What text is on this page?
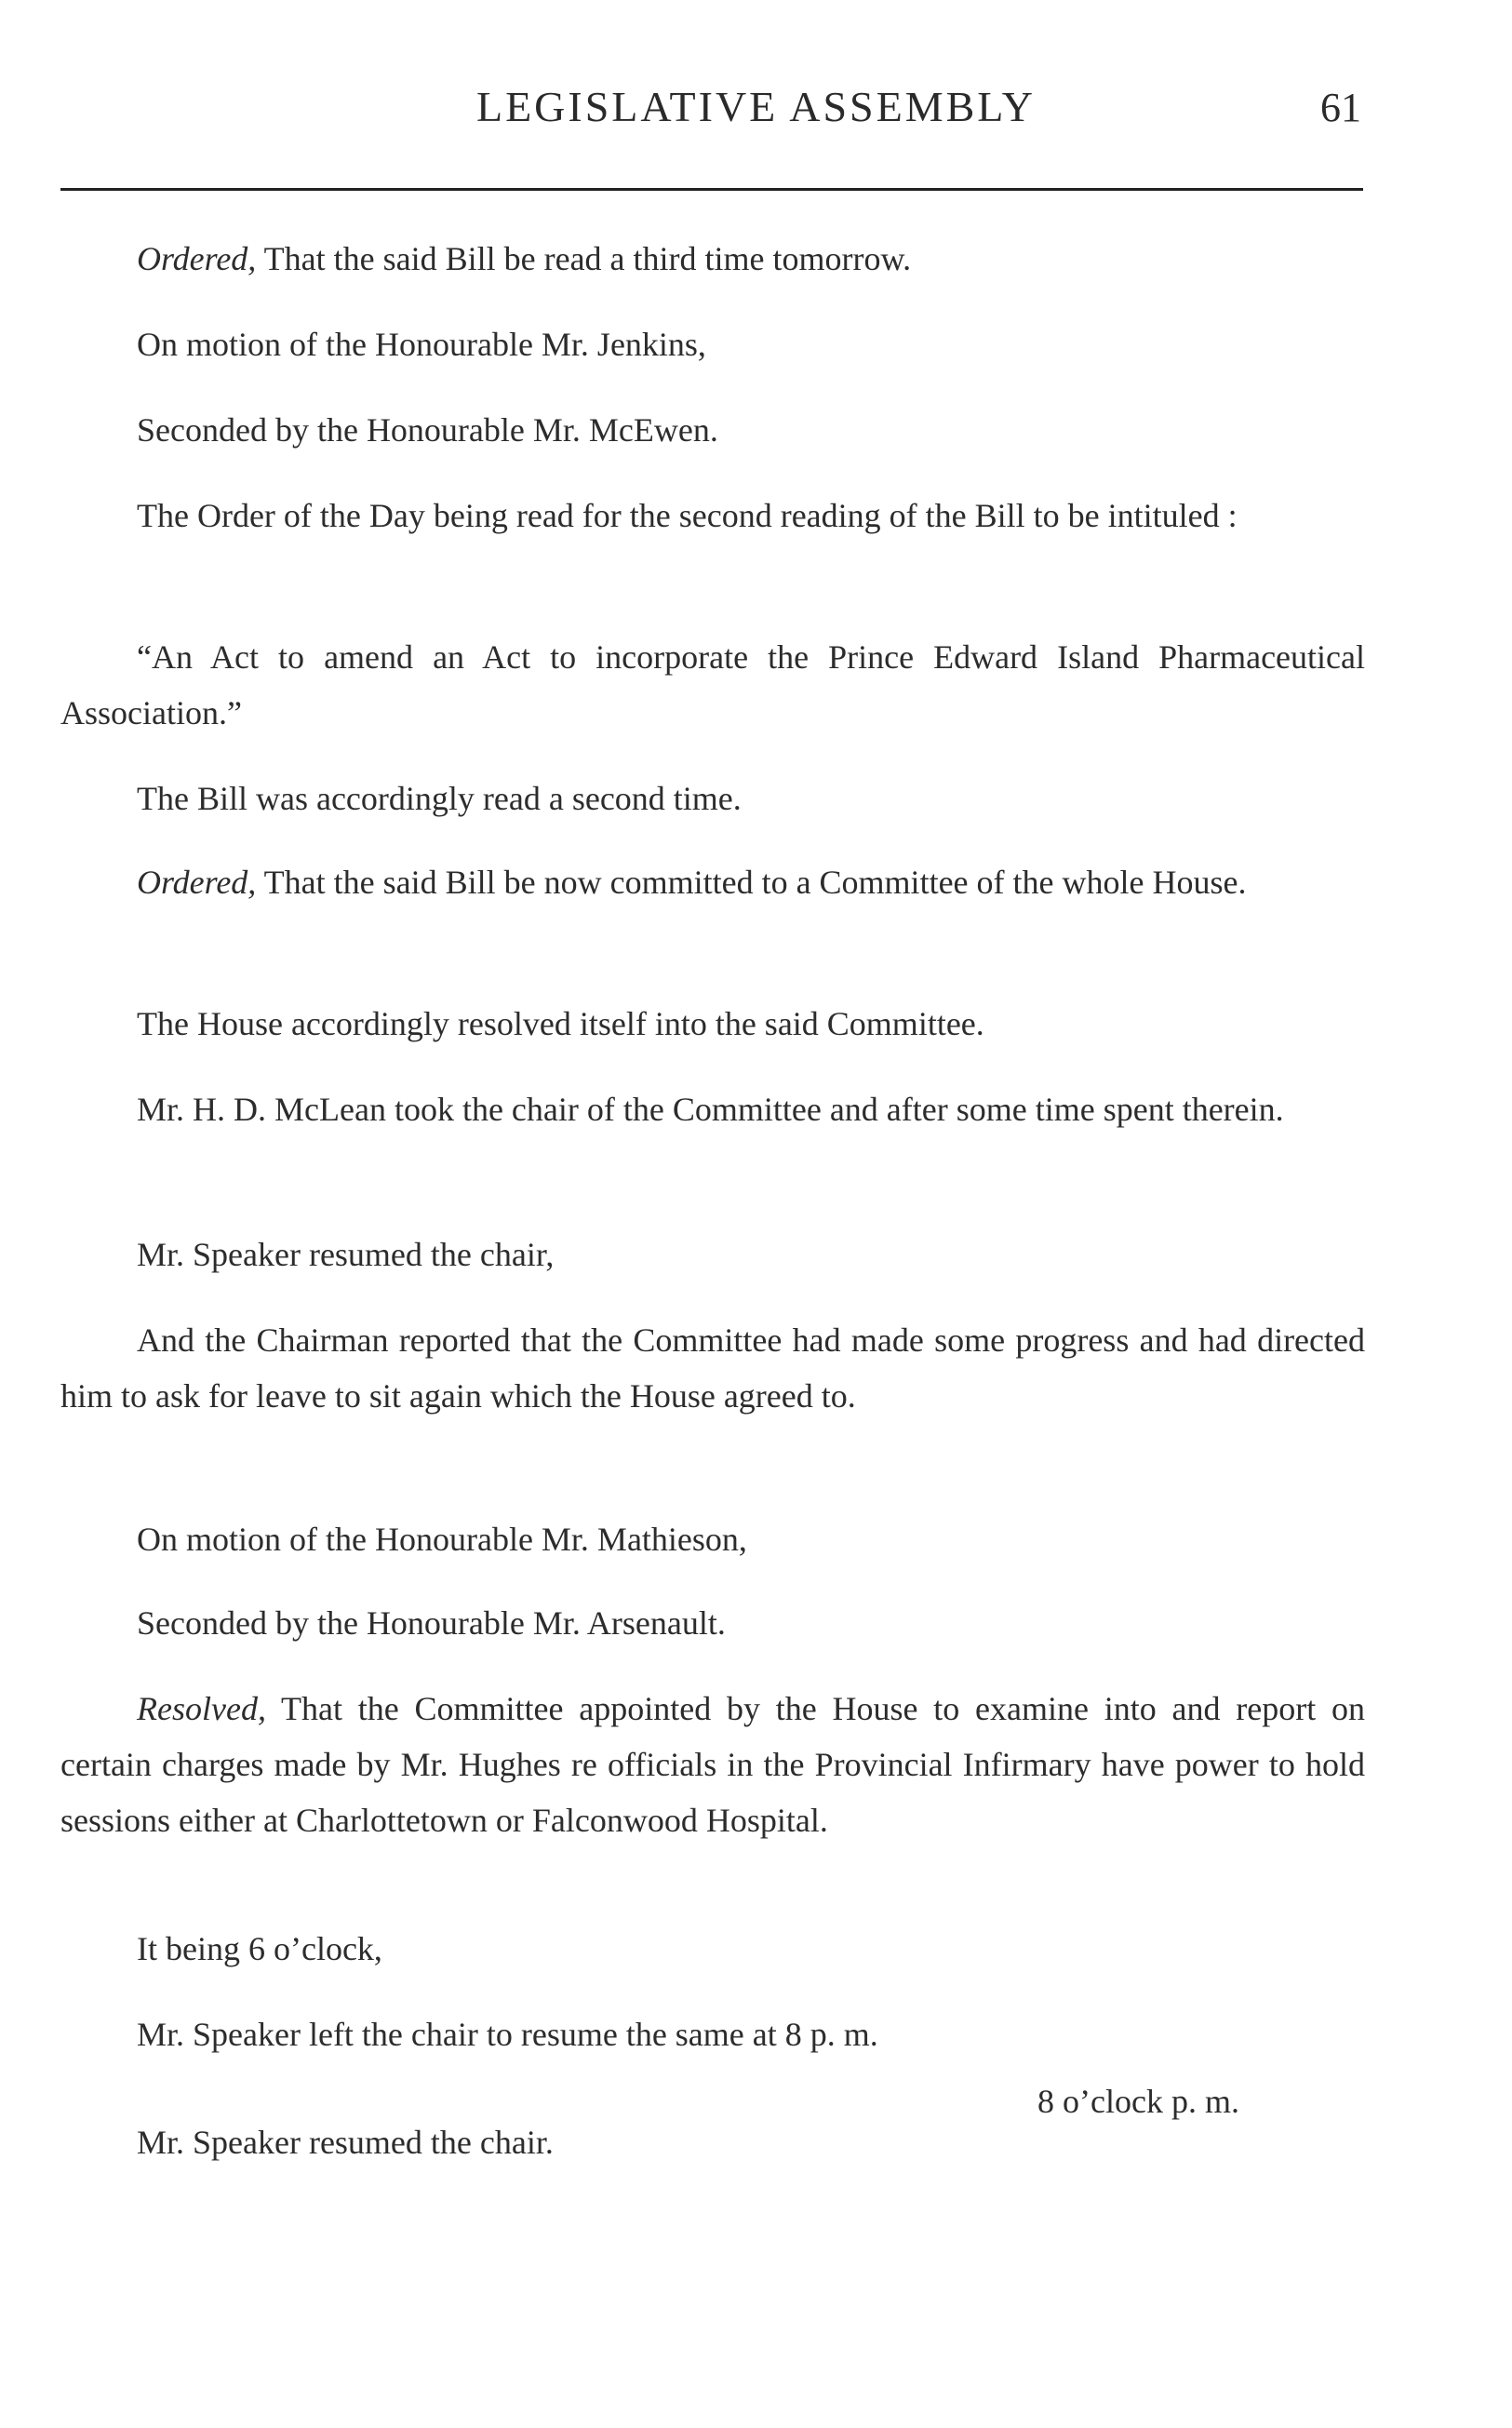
LEGISLATIVE ASSEMBLY	61
Ordered, That the said Bill be read a third time tomorrow.
On motion of the Honourable Mr. Jenkins,
Seconded by the Honourable Mr. McEwen.
The Order of the Day being read for the second reading of the Bill to be intituled :
“An Act to amend an Act to incorporate the Prince Edward Island Pharmaceutical Association.”
The Bill was accordingly read a second time.
Ordered, That the said Bill be now committed to a Committee of the whole House.
The House accordingly resolved itself into the said Committee.
Mr. H. D. McLean took the chair of the Committee and after some time spent therein.
Mr. Speaker resumed the chair,
And the Chairman reported that the Committee had made some progress and had directed him to ask for leave to sit again which the House agreed to.
On motion of the Honourable Mr. Mathieson,
Seconded by the Honourable Mr. Arsenault.
Resolved, That the Committee appointed by the House to examine into and report on certain charges made by Mr. Hughes re officials in the Provincial Infirmary have power to hold sessions either at Charlottetown or Falconwood Hospital.
It being 6 o’clock,
Mr. Speaker left the chair to resume the same at 8 p. m.
8 o’clock p. m.
Mr. Speaker resumed the chair.
